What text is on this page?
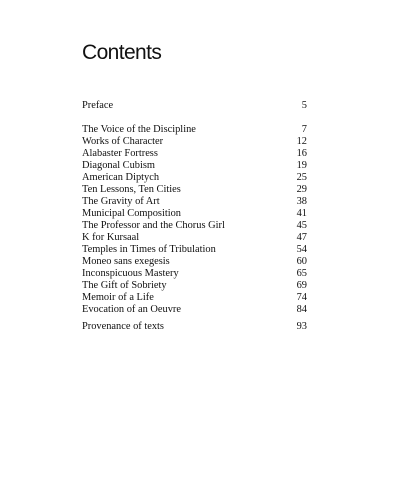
Contents
Preface	5
The Voice of the Discipline	7
Works of Character	12
Alabaster Fortress	16
Diagonal Cubism	19
American Diptych	25
Ten Lessons, Ten Cities	29
The Gravity of Art	38
Municipal Composition	41
The Professor and the Chorus Girl	45
K for Kursaal	47
Temples in Times of Tribulation	54
Moneo sans exegesis	60
Inconspicuous Mastery	65
The Gift of Sobriety	69
Memoir of a Life	74
Evocation of an Oeuvre	84
Provenance of texts	93
